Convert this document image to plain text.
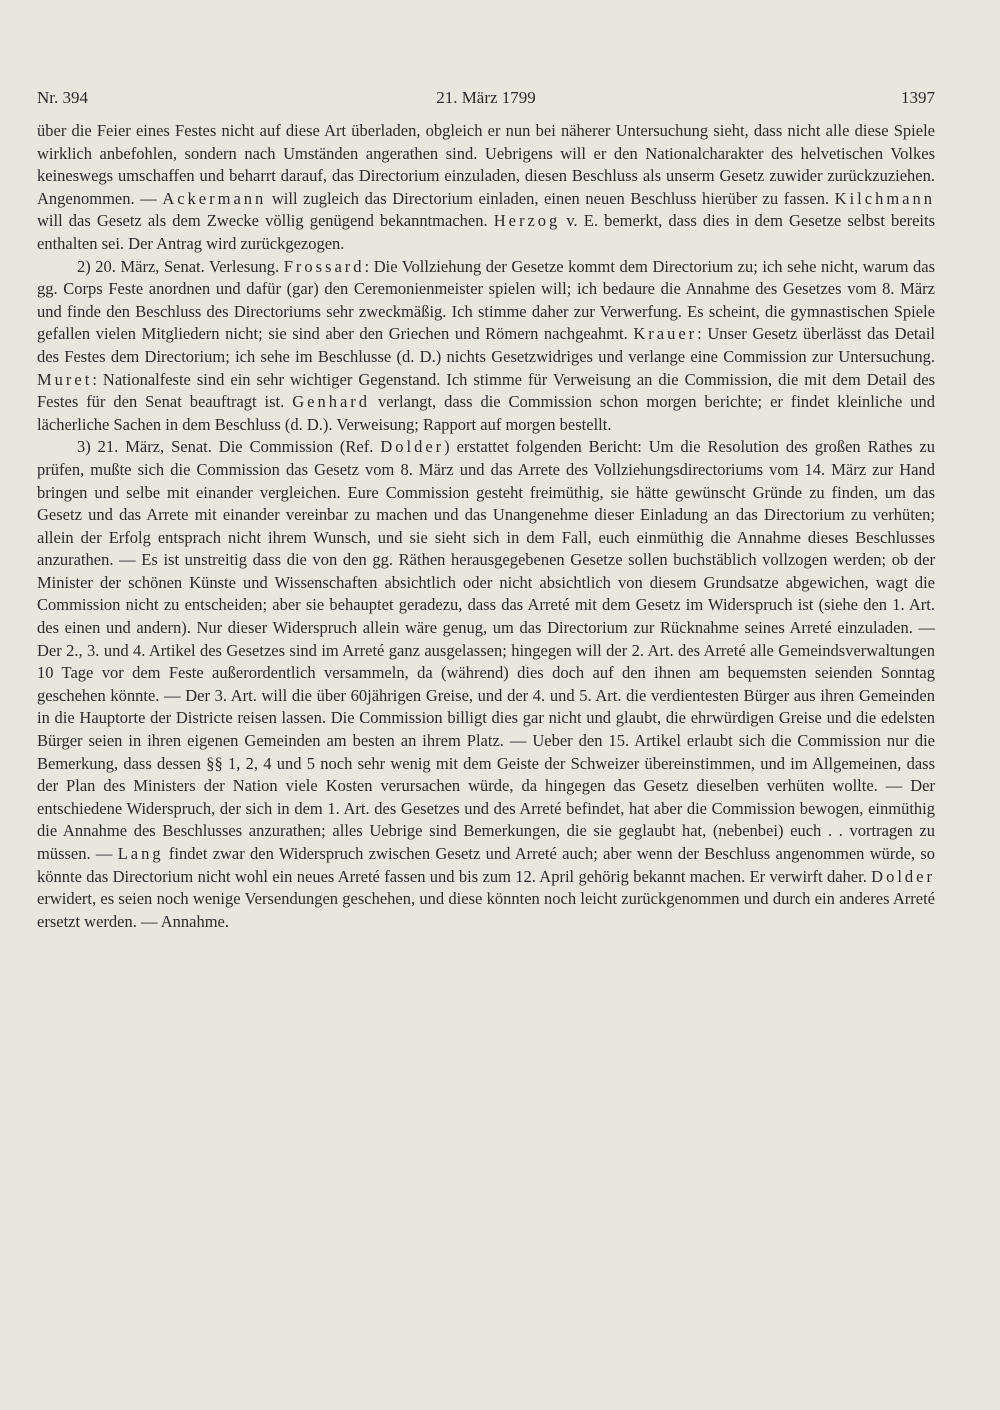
Nr. 394	21. März 1799	1397

über die Feier eines Festes nicht auf diese Art überladen, obgleich er nun bei näherer Untersuchung sieht, dass nicht alle diese Spiele wirklich anbefohlen, sondern nach Umständen angerathen sind. Uebrigens will er den Nationalcharakter des helvetischen Volkes keineswegs umschaffen und beharrt darauf, das Directorium einzuladen, diesen Beschluss als unserm Gesetz zuwider zurückzuziehen. Angenommen. — Ackermann will zugleich das Directorium einladen, einen neuen Beschluss hierüber zu fassen. Kilchmann will das Gesetz als dem Zwecke völlig genügend bekanntmachen. Herzog v. E. bemerkt, dass dies in dem Gesetze selbst bereits enthalten sei. Der Antrag wird zurückgezogen.

2) 20. März, Senat. Verlesung. Frossard: Die Vollziehung der Gesetze kommt dem Directorium zu; ich sehe nicht, warum das gg. Corps Feste anordnen und dafür (gar) den Ceremonienmeister spielen will; ich bedaure die Annahme des Gesetzes vom 8. März und finde den Beschluss des Directoriums sehr zweckmäßig. Ich stimme daher zur Verwerfung. Es scheint, die gymnastischen Spiele gefallen vielen Mitgliedern nicht; sie sind aber den Griechen und Römern nachgeahmt. Krauer: Unser Gesetz überlässt das Detail des Festes dem Directorium; ich sehe im Beschlusse (d. D.) nichts Gesetzwidriges und verlange eine Commission zur Untersuchung. Muret: Nationalfeste sind ein sehr wichtiger Gegenstand. Ich stimme für Verweisung an die Commission, die mit dem Detail des Festes für den Senat beauftragt ist. Genhard verlangt, dass die Commission schon morgen berichte; er findet kleinliche und lächerliche Sachen in dem Beschluss (d. D.). Verweisung; Rapport auf morgen bestellt.

3) 21. März, Senat. Die Commission (Ref. Dolder) erstattet folgenden Bericht: Um die Resolution des großen Rathes zu prüfen, mußte sich die Commission das Gesetz vom 8. März und das Arrete des Vollziehungsdirectoriums vom 14. März zur Hand bringen und selbe mit einander vergleichen. Eure Commission gesteht freimüthig, sie hätte gewünscht Gründe zu finden, um das Gesetz und das Arrete mit einander vereinbar zu machen und das Unangenehme dieser Einladung an das Directorium zu verhüten; allein der Erfolg entsprach nicht ihrem Wunsch, und sie sieht sich in dem Fall, euch einmüthig die Annahme dieses Beschlusses anzurathen. — Es ist unstreitig dass die von den gg. Räthen herausgegebenen Gesetze sollen buchstäblich vollzogen werden; ob der Minister der schönen Künste und Wissenschaften absichtlich oder nicht absichtlich von diesem Grundsatze abgewichen, wagt die Commission nicht zu entscheiden; aber sie behauptet geradezu, dass das Arreté mit dem Gesetz im Widerspruch ist (siehe den 1. Art. des einen und andern). Nur dieser Widerspruch allein wäre genug, um das Directorium zur Rücknahme seines Arreté einzuladen. — Der 2., 3. und 4. Artikel des Gesetzes sind im Arreté ganz ausgelassen; hingegen will der 2. Art. des Arreté alle Gemeindsverwaltungen 10 Tage vor dem Feste außerordentlich versammeln, da (während) dies doch auf den ihnen am bequemsten seienden Sonntag geschehen könnte. — Der 3. Art. will die über 60jährigen Greise, und der 4. und 5. Art. die verdientesten Bürger aus ihren Gemeinden in die Hauptorte der Districte reisen lassen. Die Commission billigt dies gar nicht und glaubt, die ehrwürdigen Greise und die edelsten Bürger seien in ihren eigenen Gemeinden am besten an ihrem Platz. — Ueber den 15. Artikel erlaubt sich die Commission nur die Bemerkung, dass dessen §§ 1, 2, 4 und 5 noch sehr wenig mit dem Geiste der Schweizer übereinstimmen, und im Allgemeinen, dass der Plan des Ministers der Nation viele Kosten verursachen würde, da hingegen das Gesetz dieselben verhüten wollte. — Der entschiedene Widerspruch, der sich in dem 1. Art. des Gesetzes und des Arreté befindet, hat aber die Commission bewogen, einmüthig die Annahme des Beschlusses anzurathen; alles Uebrige sind Bemerkungen, die sie geglaubt hat, (nebenbei) euch . . vortragen zu müssen. — Lang findet zwar den Widerspruch zwischen Gesetz und Arreté auch; aber wenn der Beschluss angenommen würde, so könnte das Directorium nicht wohl ein neues Arreté fassen und bis zum 12. April gehörig bekannt machen. Er verwirft daher. Dolder erwidert, es seien noch wenige Versendungen geschehen, und diese könnten noch leicht zurückgenommen und durch ein anderes Arreté ersetzt werden. — Annahme.
